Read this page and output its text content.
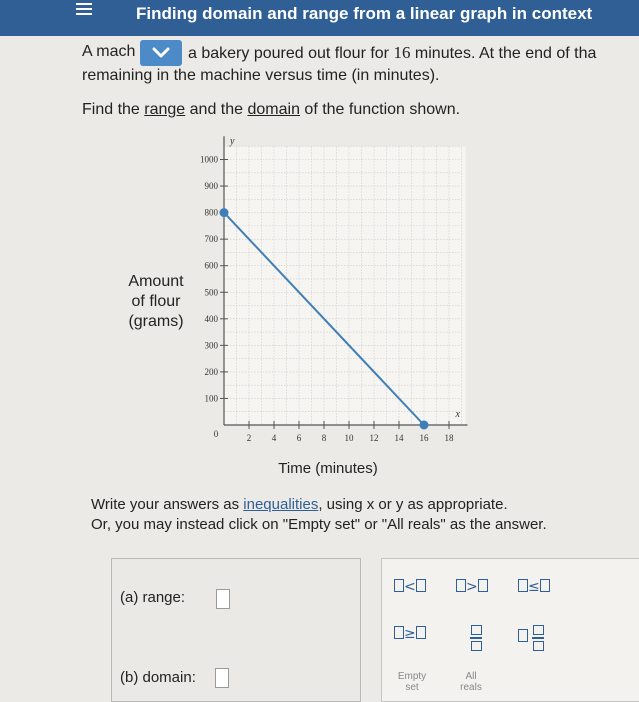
Finding domain and range from a linear graph in context
A mach	a bakery poured out flour for 16 minutes. At the end of tha
remaining in the machine versus time (in minutes).
Find the range and the domain of the function shown.
100
200
300
400
500
600
700
800
900
1000
2 4 6 8 10 12 14 16 18
0
y
x
Amount
of flour
(grams)
Time (minutes)
Write your answers as inequalities, using x or y as appropriate.
Or, you may instead click on "Empty set" or "All reals" as the answer.
(a) range:
(b) domain:
<	>	≤
≥
Empty
set
All
reals
